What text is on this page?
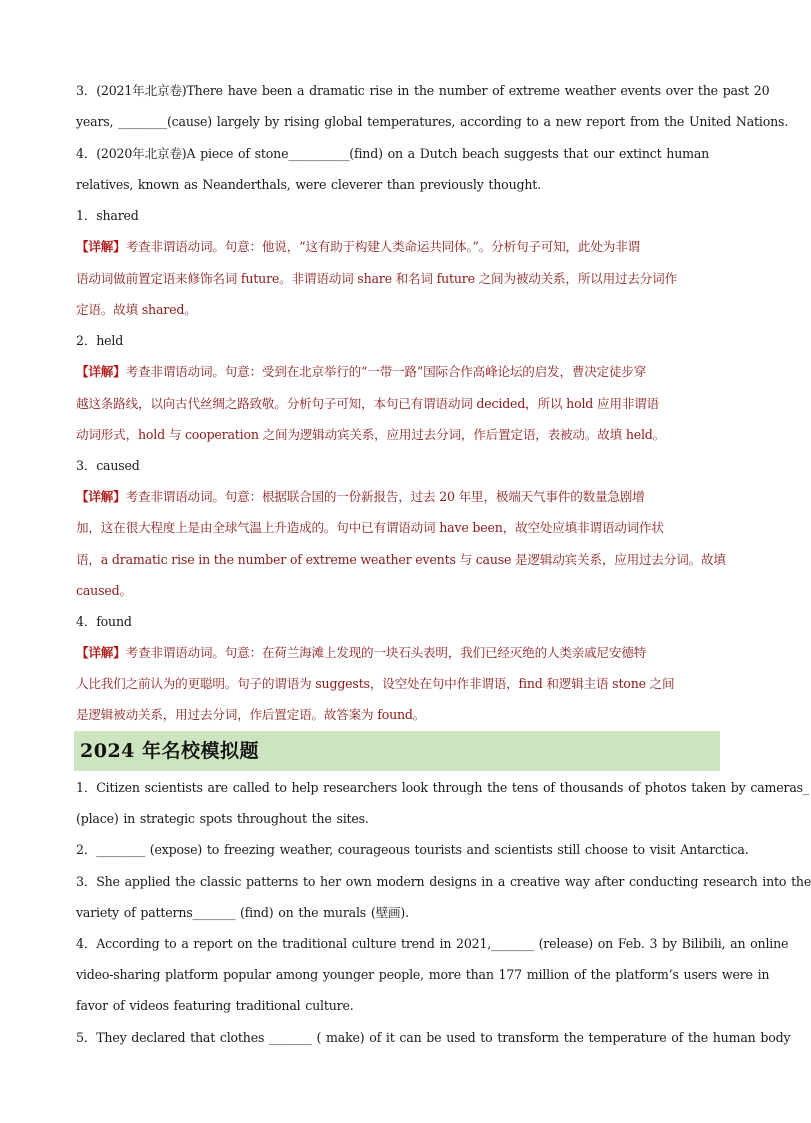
3．(2021年北京卷)There have been a dramatic rise in the number of extreme weather events over the past 20
years, ________(cause) largely by rising global temperatures, according to a new report from the United Nations.
4．(2020年北京卷)A piece of stone__________(find) on a Dutch beach suggests that our extinct human
relatives, known as Neanderthals, were cleverer than previously thought.
1．shared
【详解】考查非谓语动词。句意：他说，“这有助于构建人类命运共同体。”。分析句子可知，此处为非谓
语动词做前置定语来修饰名词 future。非谓语动词 share 和名词 future 之间为被动关系，所以用过去分词作
定语。故填 shared。
2．held
【详解】考查非谓语动词。句意：受到在北京举行的“一带一路”国际合作高峰论坛的启发，曹决定徒步穿
越这条路线，以向古代丝绸之路致敬。分析句子可知，本句已有谓语动词 decided，所以 hold 应用非谓语
动词形式，hold 与 cooperation 之间为逻辑动宾关系，应用过去分词，作后置定语，表被动。故填 held。
3．caused
【详解】考查非谓语动词。句意：根据联合国的一份新报告，过去 20 年里，极端天气事件的数量急剧增
加，这在很大程度上是由全球气温上升造成的。句中已有谓语动词 have been，故空处应填非谓语动词作状
语，a dramatic rise in the number of extreme weather events 与 cause 是逻辑动宾关系，应用过去分词。故填
caused。
4．found
【详解】考查非谓语动词。句意：在荷兰海滩上发现的一块石头表明，我们已经灭绝的人类亲戚尼安德特
人比我们之前认为的更聪明。句子的谓语为 suggests，设空处在句中作非谓语，find 和逻辑主语 stone 之间
是逻辑被动关系，用过去分词，作后置定语。故答案为 found。
2024 年名校模拟题
1．Citizen scientists are called to help researchers look through the tens of thousands of photos taken by cameras_
(place) in strategic spots throughout the sites.
2．________ (expose) to freezing weather, courageous tourists and scientists still choose to visit Antarctica.
3．She applied the classic patterns to her own modern designs in a creative way after conducting research into the
variety of patterns_______ (find) on the murals (壁画).
4．According to a report on the traditional culture trend in 2021,_______ (release) on Feb. 3 by Bilibili, an online
video-sharing platform popular among younger people, more than 177 million of the platform’s users were in
favor of videos featuring traditional culture.
5．They declared that clothes _______ ( make) of it can be used to transform the temperature of the human body
